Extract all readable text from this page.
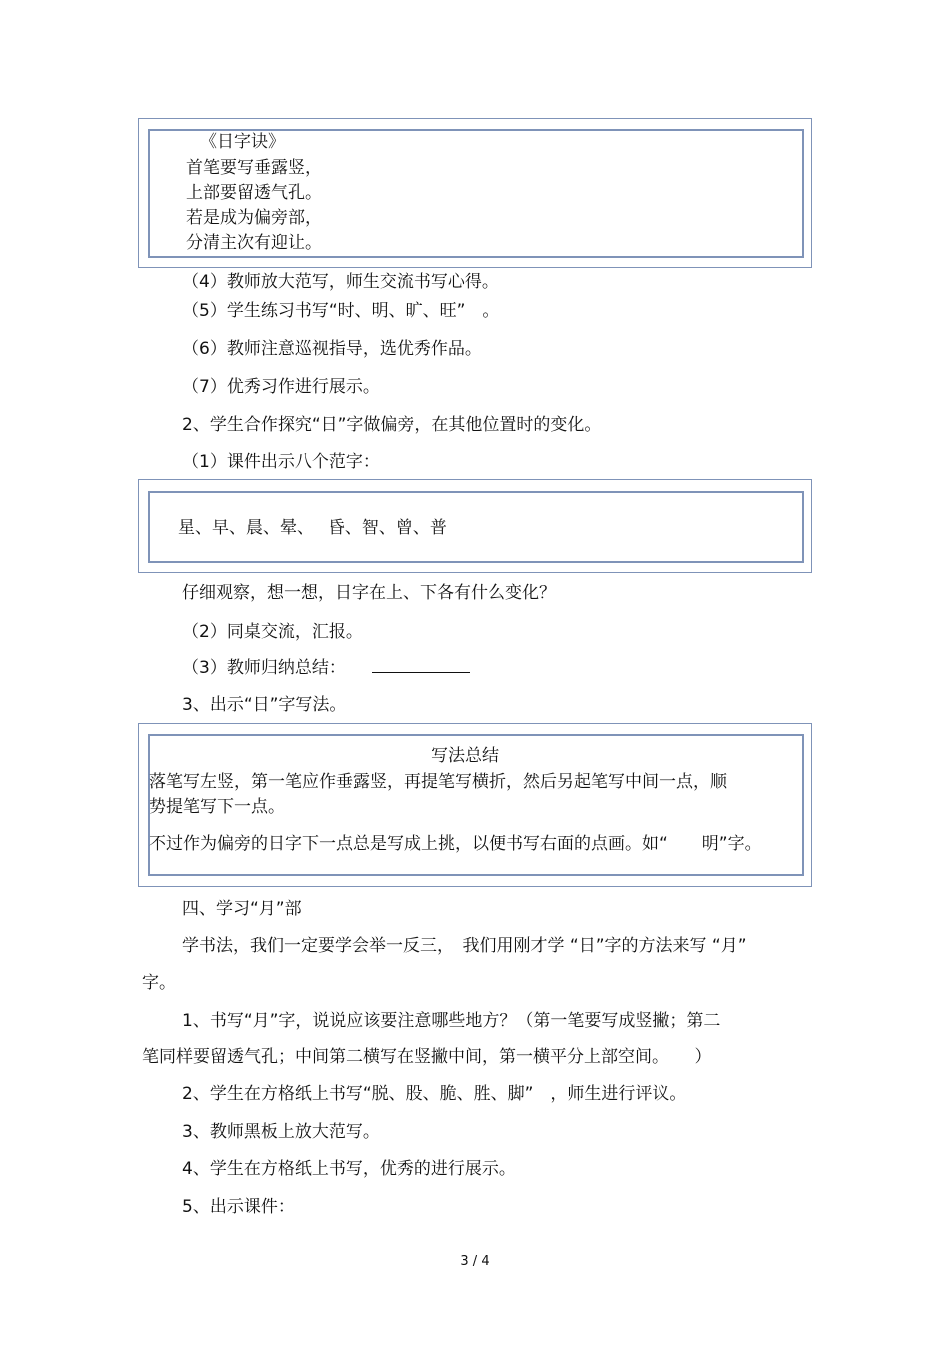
《日字诀》
首笔要写垂露竖，
上部要留透气孔。
若是成为偏旁部，
分清主次有迎让。
（4）教师放大范写，师生交流书写心得。
（5）学生练习书写“时、明、旷、旺”　。
（6）教师注意巡视指导，选优秀作品。
（7）优秀习作进行展示。
2、学生合作探究“日”字做偏旁，在其他位置时的变化。
（1）课件出示八个范字：
星、早、晨、晕、　 昏、智、曾、普
仔细观察，想一想，日字在上、下各有什么变化？
（2）同桌交流，汇报。
（3）教师归纳总结：
3、出示“日”字写法。
写法总结
落笔写左竖，第一笔应作垂露竖，再提笔写横折，然后另起笔写中间一点，顺
势提笔写下一点。
不过作为偏旁的日字下一点总是写成上挑，以便书写右面的点画。如“　　明”字。
四、学习“月”部
学书法，我们一定要学会举一反三，　我们用刚才学 “日”字的方法来写 “月”
字。
1、书写“月”字，说说应该要注意哪些地方？（第一笔要写成竖撇；第二
笔同样要留透气孔；中间第二横写在竖撇中间，第一横平分上部空间。　　）
2、学生在方格纸上书写“脱、股、脆、胜、脚”　，师生进行评议。
3、教师黑板上放大范写。
4、学生在方格纸上书写，优秀的进行展示。
5、出示课件：
3 / 4
